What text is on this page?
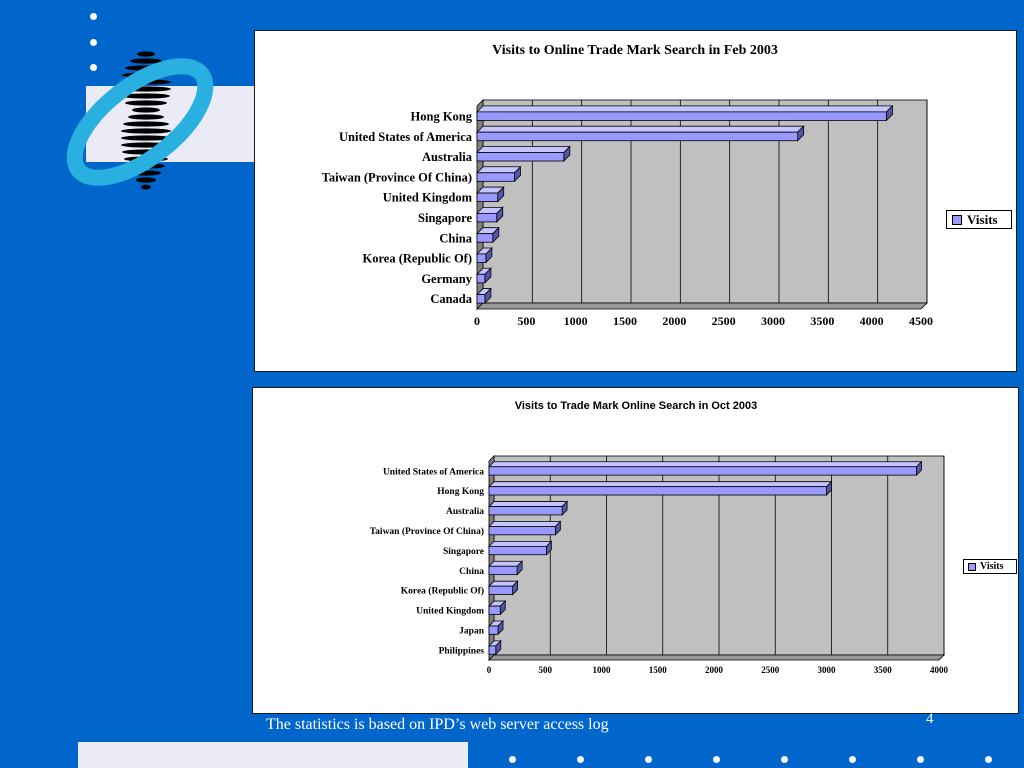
Visits to Online Trade Mark Search in Feb 2003
0	500 1000 1500 2000 2500 3000 3500 4000 4500
Hong Kong
United States of America
Australia
Taiwan (Province Of China)
United Kingdom
Singapore
China
Korea (Republic Of)
Germany
Canada
Visits
Visits to Trade Mark Online Search in Oct 2003
0	500	1000	1500	2000	2500	3000	3500	4000
United States of America
Hong Kong
Australia
Taiwan (Province Of China)
Singapore
China
Korea (Republic Of)
United Kingdom
Japan
Philippines
Visits
The statistics is based on IPD’s web server access log	4
